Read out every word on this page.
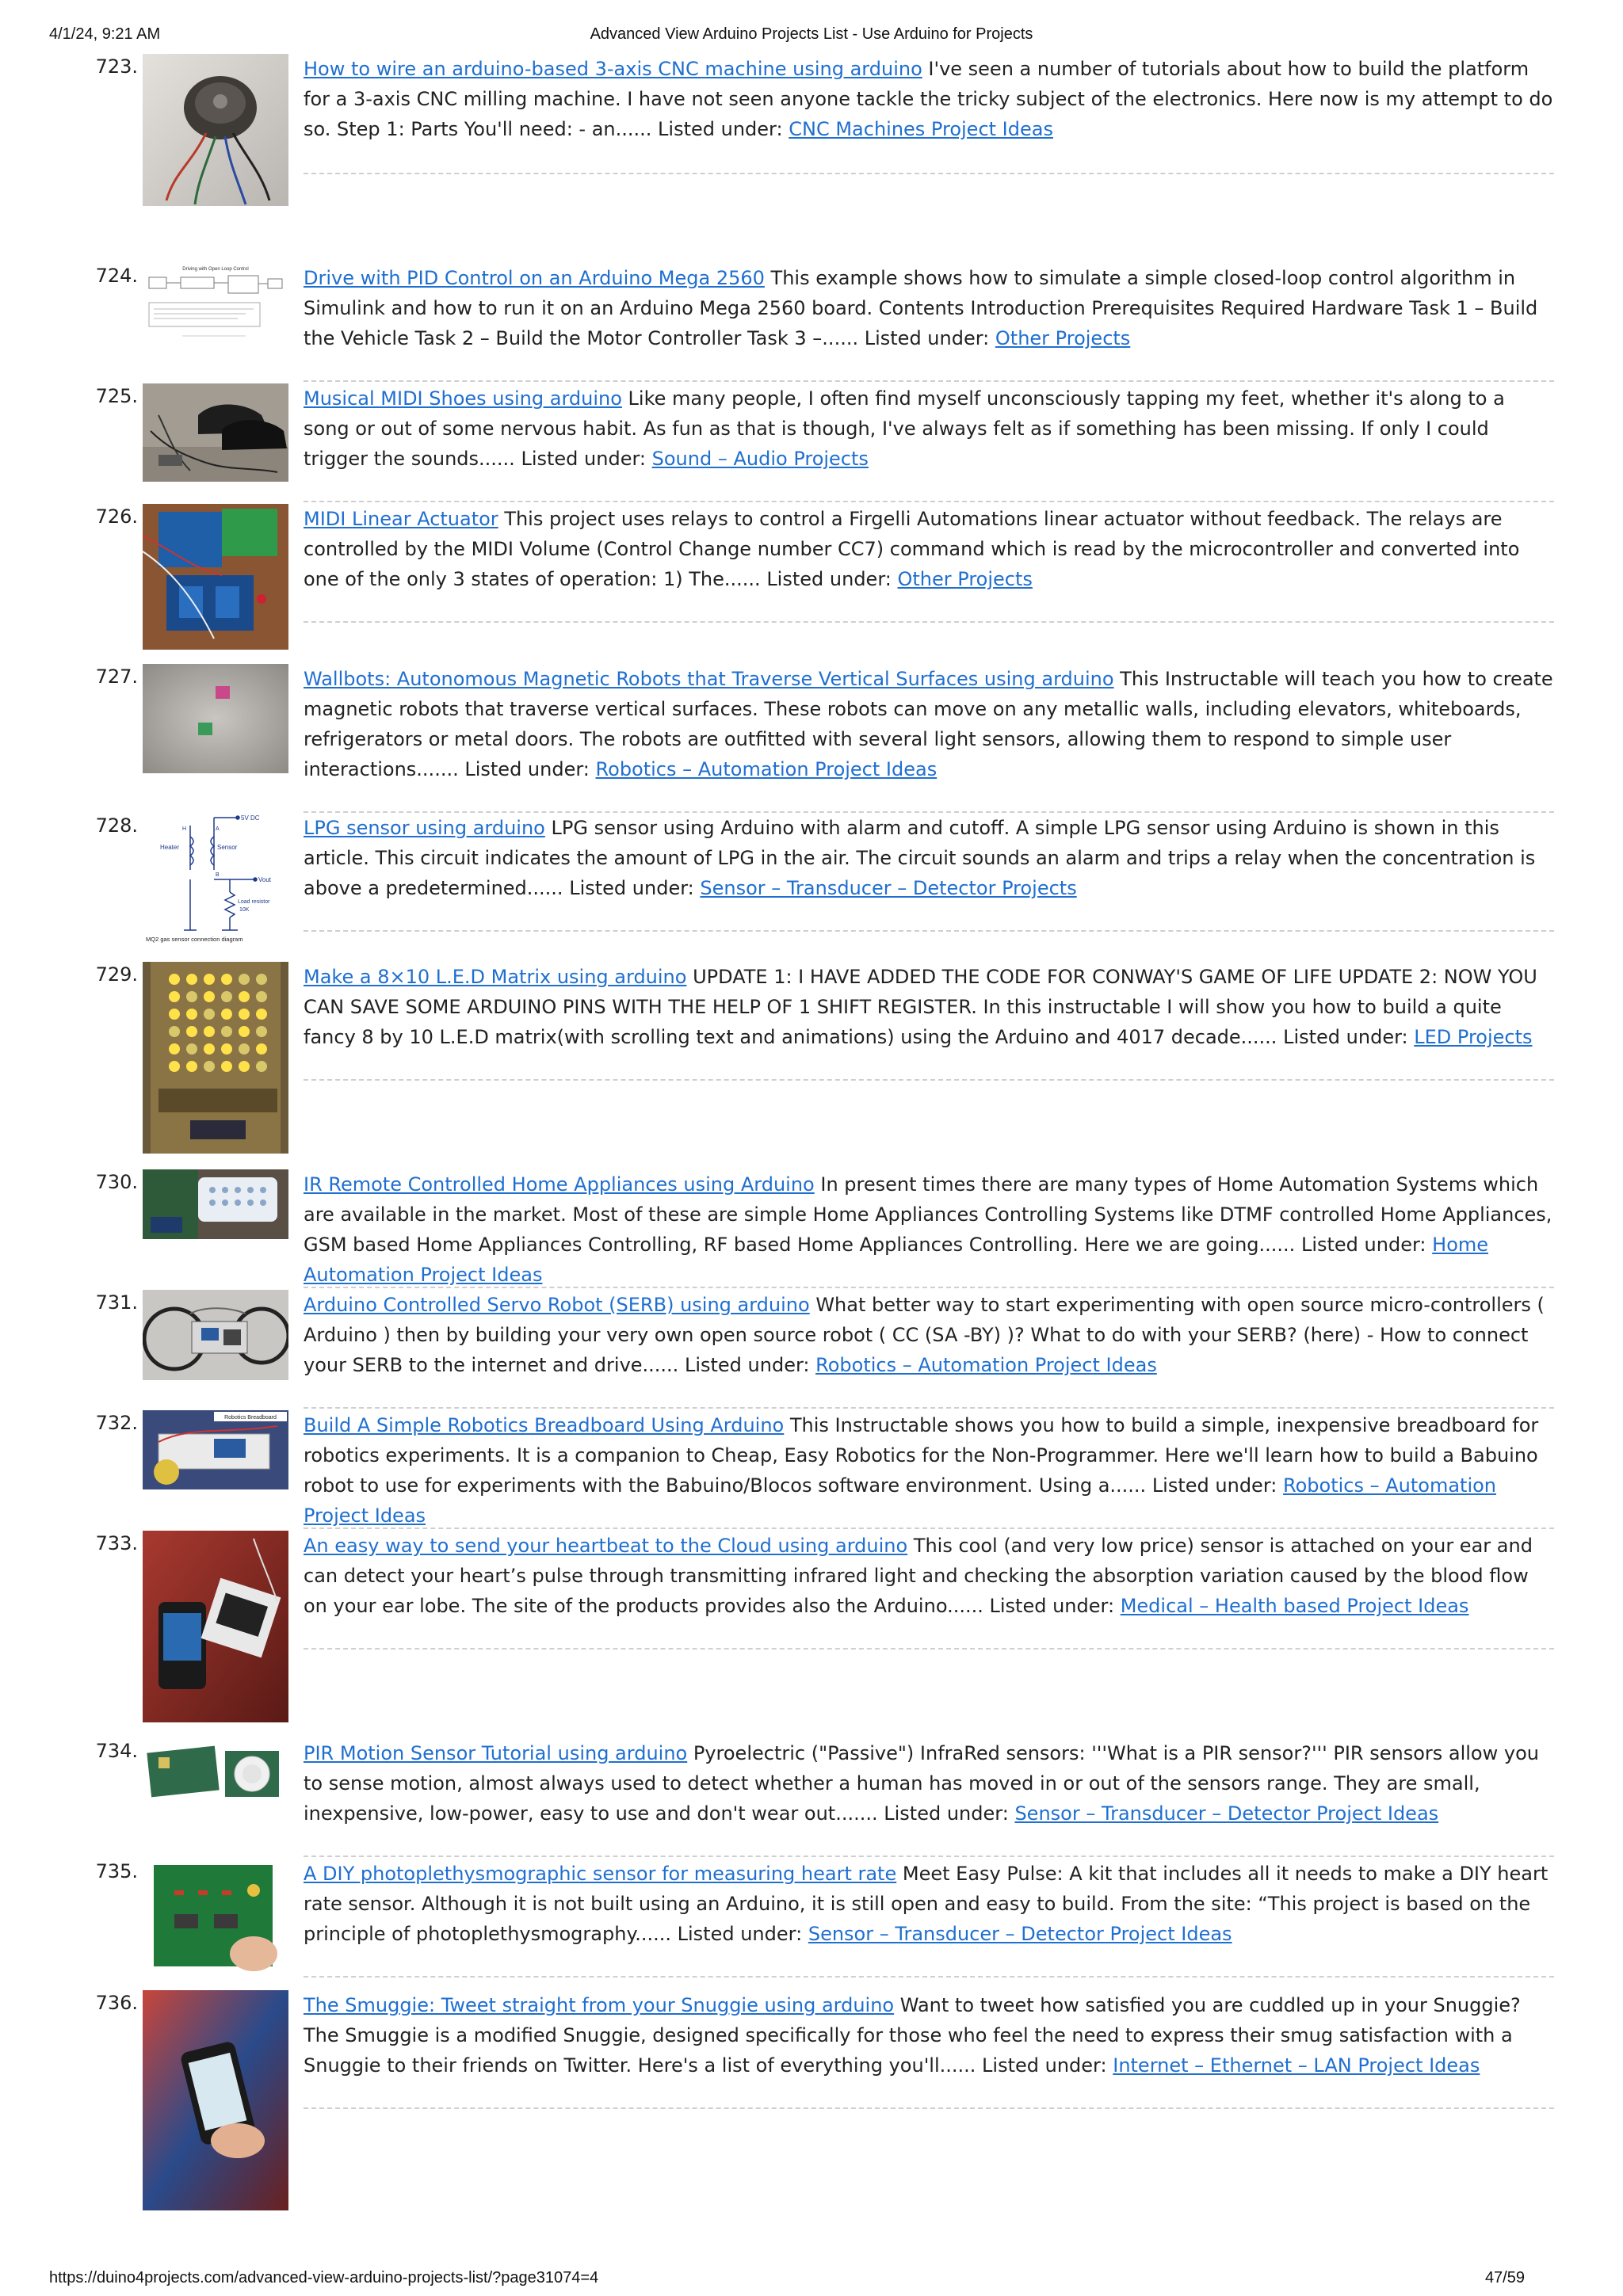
4/1/24, 9:21 AM	Advanced View Arduino Projects List - Use Arduino for Projects
723.	How to wire an arduino-based 3-axis CNC machine using arduino I've seen a number of tutorials about how to build the platform for a 3-axis CNC milling machine. I have not seen anyone tackle the tricky subject of the electronics. Here now is my attempt to do so. Step 1: Parts You'll need: - an...... Listed under: CNC Machines Project Ideas
724.	Driving with Open Loop Control	Drive with PID Control on an Arduino Mega 2560 This example shows how to simulate a simple closed-loop control algorithm in Simulink and how to run it on an Arduino Mega 2560 board. Contents Introduction Prerequisites Required Hardware Task 1 – Build the Vehicle Task 2 – Build the Motor Controller Task 3 –...... Listed under: Other Projects
725.	Musical MIDI Shoes using arduino Like many people, I often find myself unconsciously tapping my feet, whether it's along to a song or out of some nervous habit. As fun as that is though, I've always felt as if something has been missing. If only I could trigger the sounds...... Listed under: Sound – Audio Projects
726.	MIDI Linear Actuator This project uses relays to control a Firgelli Automations linear actuator without feedback. The relays are controlled by the MIDI Volume (Control Change number CC7) command which is read by the microcontroller and converted into one of the only 3 states of operation: 1) The...... Listed under: Other Projects
727.	Wallbots: Autonomous Magnetic Robots that Traverse Vertical Surfaces using arduino This Instructable will teach you how to create magnetic robots that traverse vertical surfaces. These robots can move on any metallic walls, including elevators, whiteboards, refrigerators or metal doors. The robots are outfitted with several light sensors, allowing them to respond to simple user interactions....... Listed under: Robotics – Automation Project Ideas
728.	5V DC
Heater	Sensor
Vout
Load resistor
10K
H	A
B
MQ2 gas sensor connection diagram
LPG sensor using arduino LPG sensor using Arduino with alarm and cutoff. A simple LPG sensor using Arduino is shown in this article. This circuit indicates the amount of LPG in the air. The circuit sounds an alarm and trips a relay when the concentration is above a predetermined...... Listed under: Sensor – Transducer – Detector Projects
729.	Make a 8×10 L.E.D Matrix using arduino UPDATE 1: I HAVE ADDED THE CODE FOR CONWAY'S GAME OF LIFE UPDATE 2: NOW YOU CAN SAVE SOME ARDUINO PINS WITH THE HELP OF 1 SHIFT REGISTER. In this instructable I will show you how to build a quite fancy 8 by 10 L.E.D matrix(with scrolling text and animations) using the Arduino and 4017 decade...... Listed under: LED Projects
730.	IR Remote Controlled Home Appliances using Arduino In present times there are many types of Home Automation Systems which are available in the market. Most of these are simple Home Appliances Controlling Systems like DTMF controlled Home Appliances, GSM based Home Appliances Controlling, RF based Home Appliances Controlling. Here we are going...... Listed under: Home Automation Project Ideas
731.	Arduino Controlled Servo Robot (SERB) using arduino What better way to start experimenting with open source micro-controllers ( Arduino ) then by building your very own open source robot ( CC (SA -BY) )? What to do with your SERB? (here) - How to connect your SERB to the internet and drive...... Listed under: Robotics – Automation Project Ideas
732.	Robotics Breadboard Build A Simple Robotics Breadboard Using Arduino This Instructable shows you how to build a simple, inexpensive breadboard for robotics experiments. It is a companion to Cheap, Easy Robotics for the Non-Programmer. Here we'll learn how to build a Babuino robot to use for experiments with the Babuino/Blocos software environment. Using a...... Listed under: Robotics – Automation Project Ideas
733.	An easy way to send your heartbeat to the Cloud using arduino This cool (and very low price) sensor is attached on your ear and can detect your heart’s pulse through transmitting infrared light and checking the absorption variation caused by the blood flow on your ear lobe. The site of the products provides also the Arduino...... Listed under: Medical – Health based Project Ideas
734.	PIR Motion Sensor Tutorial using arduino Pyroelectric ("Passive") InfraRed sensors: '''What is a PIR sensor?''' PIR sensors allow you to sense motion, almost always used to detect whether a human has moved in or out of the sensors range. They are small, inexpensive, low-power, easy to use and don't wear out....... Listed under: Sensor – Transducer – Detector Project Ideas
735.	A DIY photoplethysmographic sensor for measuring heart rate Meet Easy Pulse: A kit that includes all it needs to make a DIY heart rate sensor. Although it is not built using an Arduino, it is still open and easy to build. From the site: “This project is based on the principle of photoplethysmography...... Listed under: Sensor – Transducer – Detector Project Ideas
736.	The Smuggie: Tweet straight from your Snuggie using arduino Want to tweet how satisfied you are cuddled up in your Snuggie? The Smuggie is a modified Snuggie, designed specifically for those who feel the need to express their smug satisfaction with a Snuggie to their friends on Twitter. Here's a list of everything you'll...... Listed under: Internet – Ethernet – LAN Project Ideas
https://duino4projects.com/advanced-view-arduino-projects-list/?page31074=4	47/59
